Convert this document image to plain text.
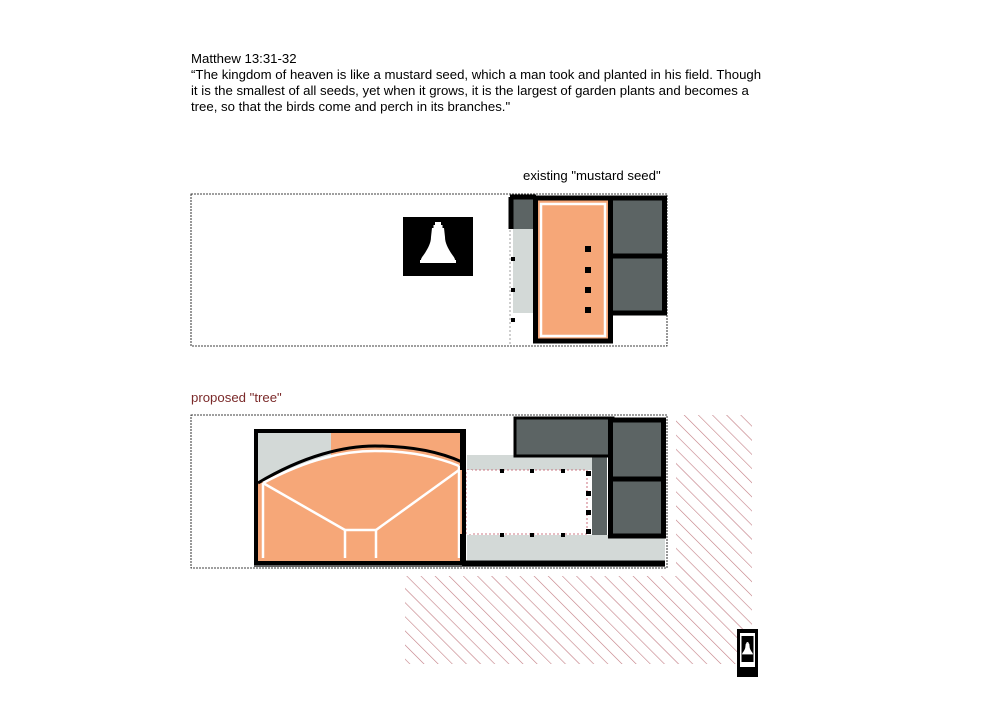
Matthew 13:31-32
“The kingdom of heaven is like a mustard seed, which a man took and planted in his field. Though
it is the smallest of all seeds, yet when it grows, it is the largest of garden plants and becomes a
tree, so that the birds come and perch in its branches."
existing "mustard seed"
proposed "tree"
